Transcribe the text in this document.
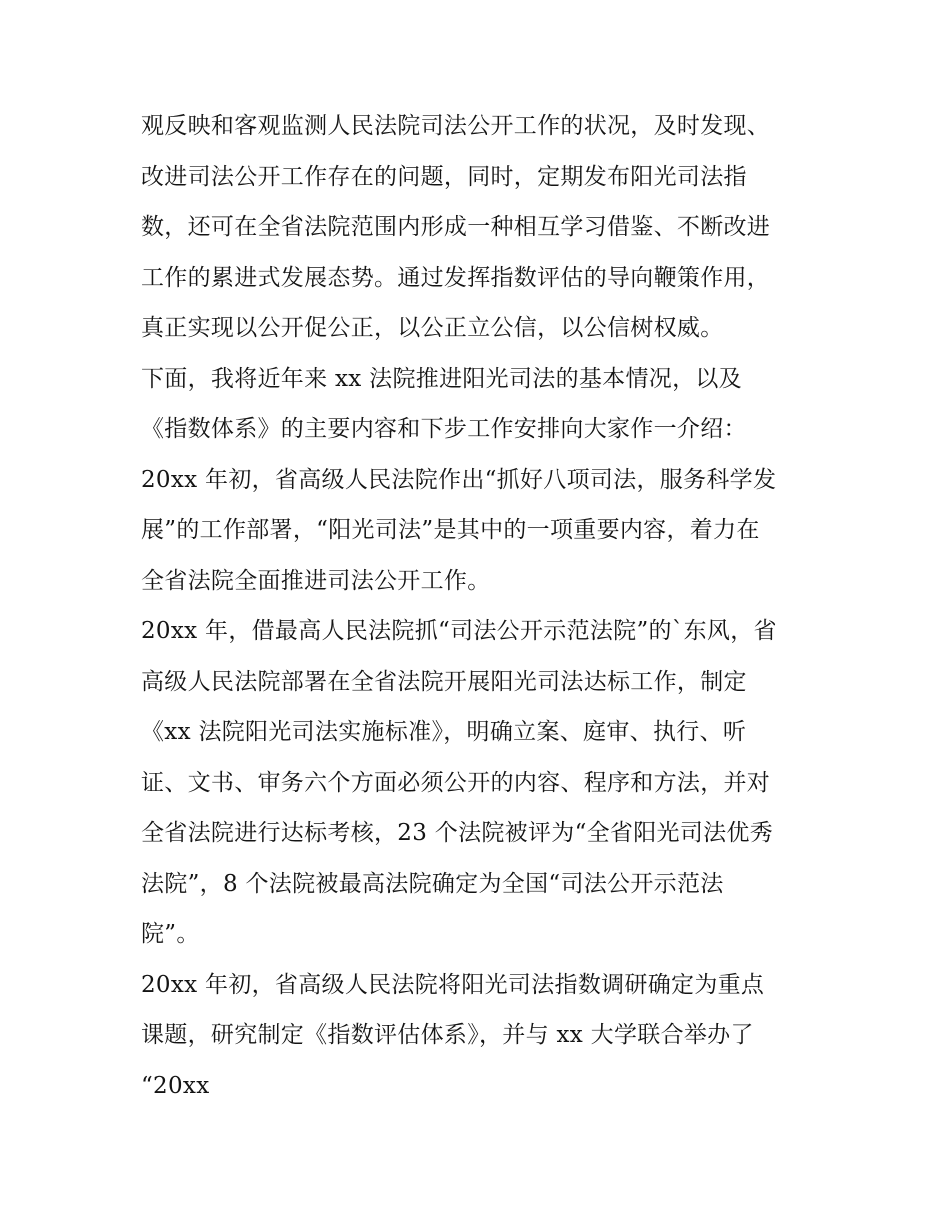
观反映和客观监测人民法院司法公开工作的状况，及时发现、
改进司法公开工作存在的问题，同时，定期发布阳光司法指
数，还可在全省法院范围内形成一种相互学习借鉴、不断改进
工作的累进式发展态势。通过发挥指数评估的导向鞭策作用，
真正实现以公开促公正，以公正立公信，以公信树权威。
下面，我将近年来 xx 法院推进阳光司法的基本情况，以及
《指数体系》的主要内容和下步工作安排向大家作一介绍：
20xx 年初，省高级人民法院作出“抓好八项司法，服务科学发
展”的工作部署，“阳光司法”是其中的一项重要内容，着力在
全省法院全面推进司法公开工作。
20xx 年，借最高人民法院抓“司法公开示范法院”的`东风，省
高级人民法院部署在全省法院开展阳光司法达标工作，制定
《xx 法院阳光司法实施标准》，明确立案、庭审、执行、听
证、文书、审务六个方面必须公开的内容、程序和方法，并对
全省法院进行达标考核，23 个法院被评为“全省阳光司法优秀
法院”，8 个法院被最高法院确定为全国“司法公开示范法
院”。
20xx 年初，省高级人民法院将阳光司法指数调研确定为重点
课题，研究制定《指数评估体系》，并与 xx 大学联合举办了
“20xx
